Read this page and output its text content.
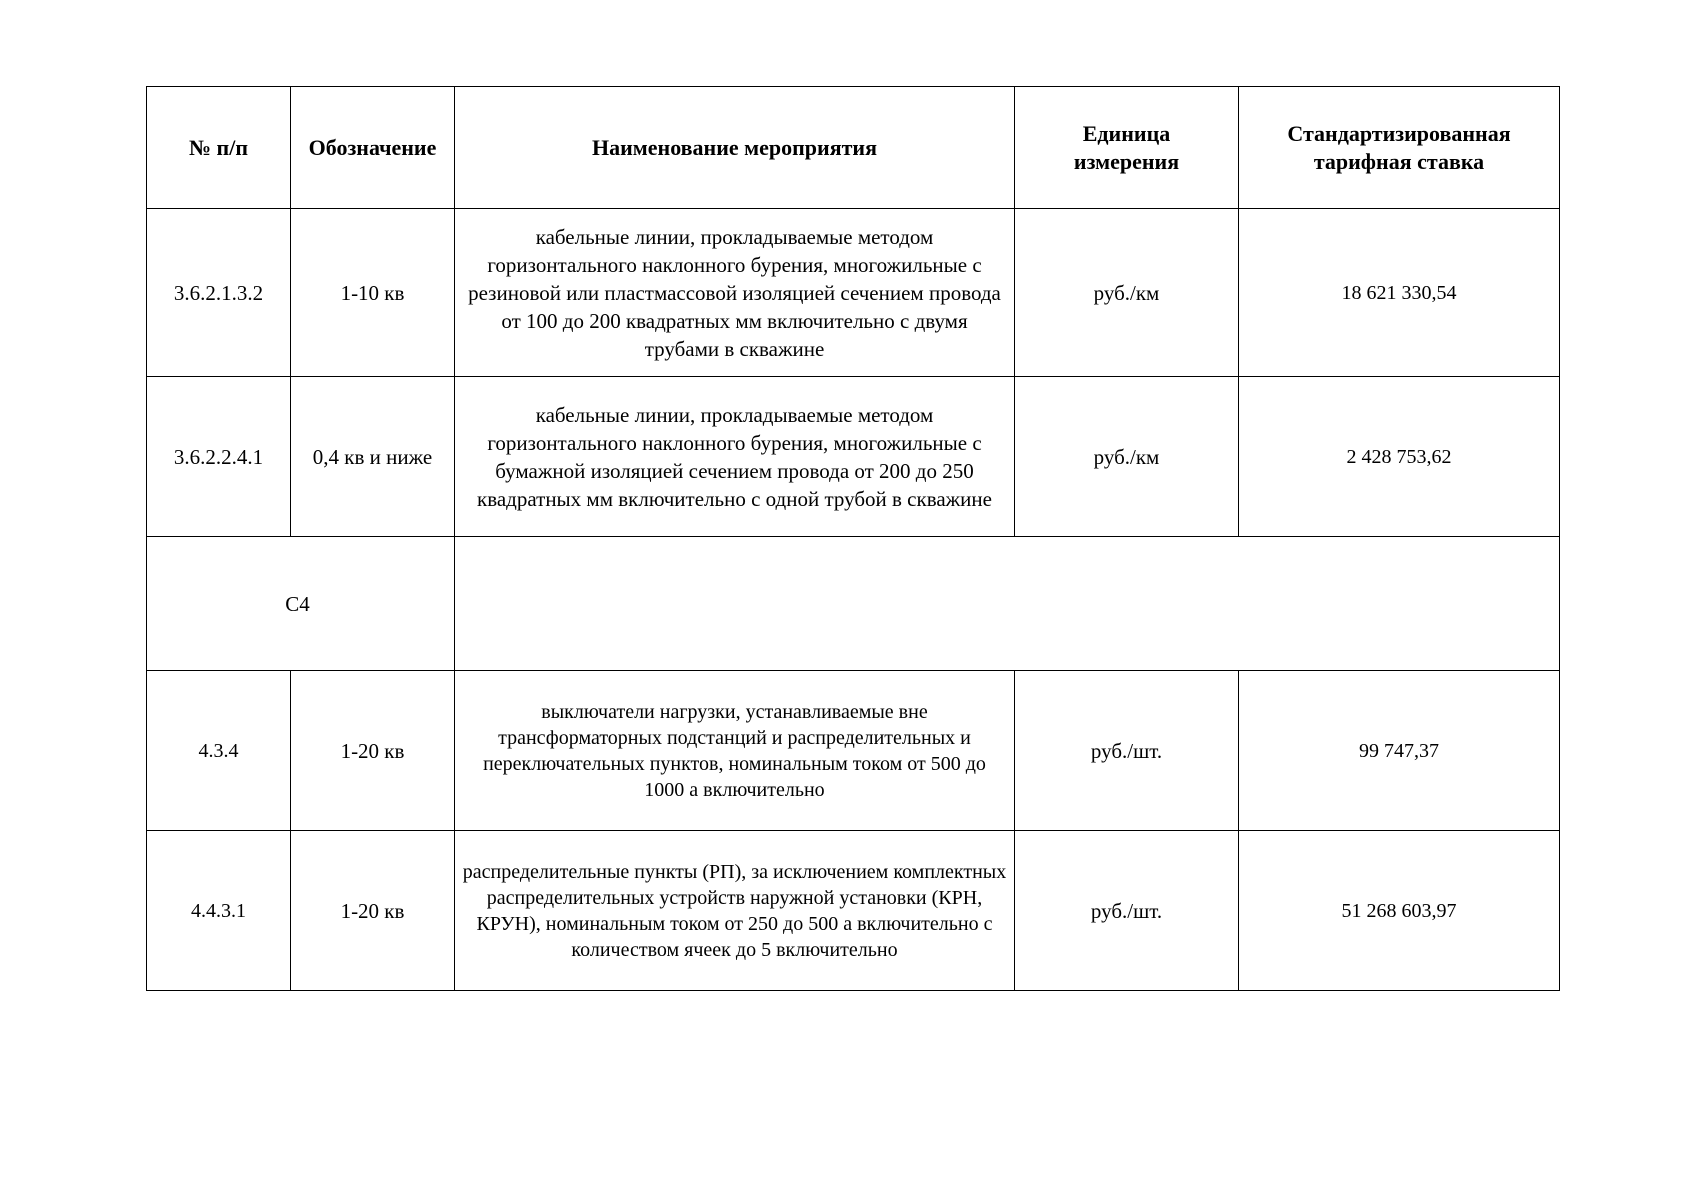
№ п/п	Обозначение	Наименование мероприятия	Единица измерения	Стандартизированная тарифная ставка
3.6.2.1.3.2	1-10 кв	кабельные линии, прокладываемые методом горизонтального наклонного бурения, многожильные с резиновой или пластмассовой изоляцией сечением провода от 100 до 200 квадратных мм включительно с двумя трубами в скважине	руб./км	18 621 330,54
3.6.2.2.4.1	0,4 кв и ниже	кабельные линии, прокладываемые методом горизонтального наклонного бурения, многожильные с бумажной изоляцией сечением провода от 200 до 250 квадратных мм включительно с одной трубой в скважине	руб./км	2 428 753,62
С4				
4.3.4	1-20 кв	выключатели нагрузки, устанавливаемые вне трансформаторных подстанций и распределительных и переключательных пунктов, номинальным током от 500 до 1000 а включительно	руб./шт.	99 747,37
4.4.3.1	1-20 кв	распределительные пункты (РП), за исключением комплектных распределительных устройств наружной установки (КРН, КРУН), номинальным током от 250 до 500 а включительно с количеством ячеек до 5 включительно	руб./шт.	51 268 603,97
